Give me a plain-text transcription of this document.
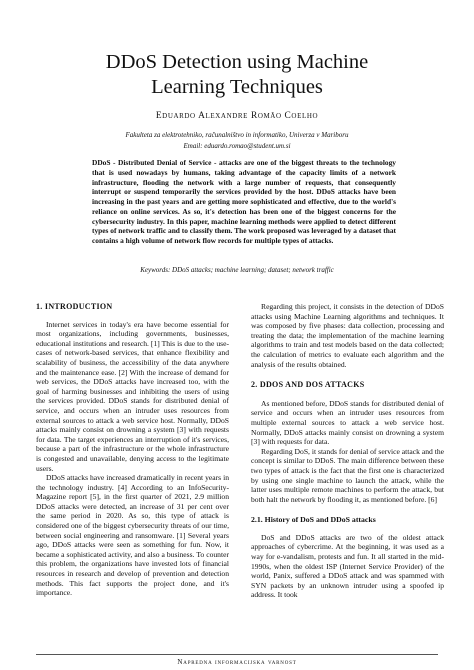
DDoS Detection using Machine
Learning Techniques
Eduardo Alexandre Romão Coelho
Fakulteta za elektrotehniko, računalništvo in informatiko, Univerza v Mariboru
Email: eduardo.romao@student.um.si
DDoS - Distributed Denial of Service - attacks are one of the biggest threats to the technology that is used nowadays by humans, taking advantage of the capacity limits of a network infrastructure, flooding the network with a large number of requests, that consequently interrupt or suspend temporarily the services provided by the host. DDoS attacks have been increasing in the past years and are getting more sophisticated and effective, due to the world's reliance on online services. As so, it's detection has been one of the biggest concerns for the cybersecurity industry. In this paper, machine learning methods were applied to detect different types of network traffic and to classify them. The work proposed was leveraged by a dataset that contains a high volume of network flow records for multiple types of attacks.
Keywords: DDoS attacks; machine learning; dataset; network traffic
1. INTRODUCTION

Internet services in today's era have become essential for most organizations, including governments, businesses, educational institutions and research. [1] This is due to the use-cases of network-based services, that enhance flexibility and scalability of business, the accessibility of the data anywhere and the maintenance ease. [2] With the increase of demand for web services, the DDoS attacks have increased too, with the goal of harming businesses and inhibiting the users of using the services provided. DDoS stands for distributed denial of service, and occurs when an intruder uses resources from external sources to attack a web service host. Normally, DDoS attacks mainly consist on drowning a system [3] with requests for data. The target experiences an interruption of it's services, because a part of the infrastructure or the whole infrastructure is congested and unavailable, denying access to the legitimate users.

DDoS attacks have increased dramatically in recent years in the technology industry. [4] According to an InfoSecurity-Magazine report [5], in the first quarter of 2021, 2.9 million DDoS attacks were detected, an increase of 31 per cent over the same period in 2020. As so, this type of attack is considered one of the biggest cybersecurity threats of our time, between social engineering and ransomware. [1] Several years ago, DDoS attacks were seen as something for fun. Now, it became a sophisticated activity, and also a business. To counter this problem, the organizations have invested lots of financial resources in research and develop of prevention and detection methods. This fact supports the project done, and it's importance.

Regarding this project, it consists in the detection of DDoS attacks using Machine Learning algorithms and techniques. It was composed by five phases: data collection, processing and treating the data; the implementation of the machine learning algorithms to train and test models based on the data collected; the calculation of metrics to evaluate each algorithm and the analysis of the results obtained.

2. DDOS AND DOS ATTACKS

As mentioned before, DDoS stands for distributed denial of service and occurs when an intruder uses resources from multiple external sources to attack a web service host. Normally, DDoS attacks mainly consist on drowning a system [3] with requests for data.

Regarding DoS, it stands for denial of service attack and the concept is similar to DDoS. The main difference between these two types of attack is the fact that the first one is characterized by using one single machine to launch the attack, while the latter uses multiple remote machines to perform the attack, but both halt the network by flooding it, as mentioned before. [6]

2.1. History of DoS and DDoS attacks

DoS and DDoS attacks are two of the oldest attack approaches of cybercrime. At the beginning, it was used as a way for e-vandalism, protests and fun. It all started in the mid-1990s, when the oldest ISP (Internet Service Provider) of the world, Panix, suffered a DDoS attack and was spammed with SYN packets by an unknown intruder using a spoofed ip address. It took

Napredna informacijska varnost
